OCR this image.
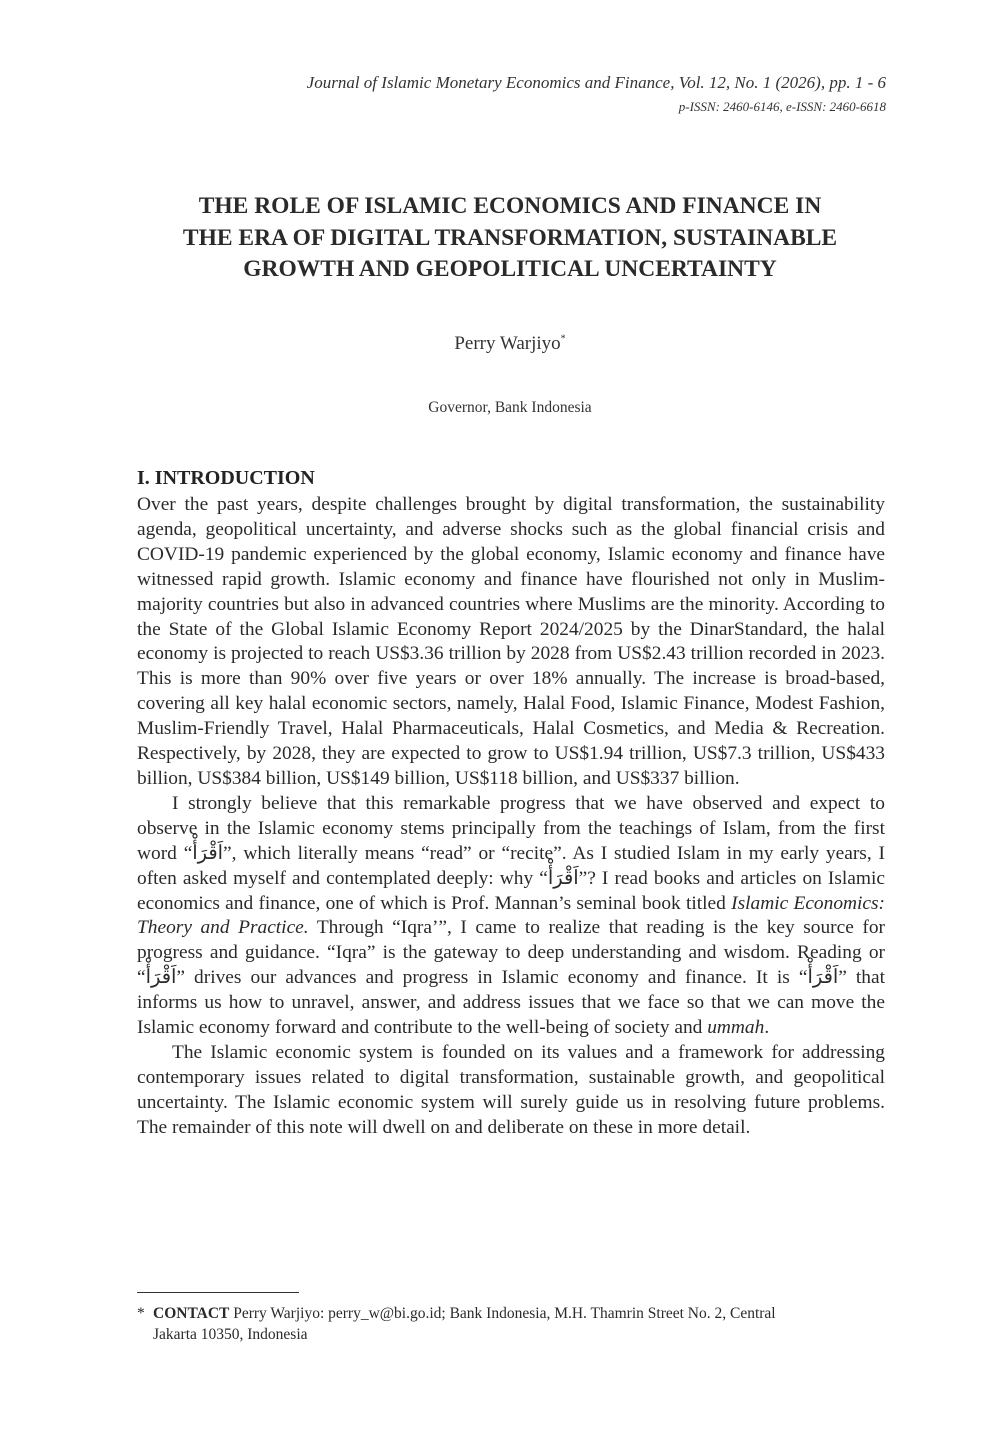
Journal of Islamic Monetary Economics and Finance, Vol. 12, No. 1 (2026), pp. 1 - 6
p-ISSN: 2460-6146, e-ISSN: 2460-6618
THE ROLE OF ISLAMIC ECONOMICS AND FINANCE IN
THE ERA OF DIGITAL TRANSFORMATION, SUSTAINABLE
GROWTH AND GEOPOLITICAL UNCERTAINTY
Perry Warjiyo*
Governor, Bank Indonesia
I. INTRODUCTION

Over the past years, despite challenges brought by digital transformation, the sustainability agenda, geopolitical uncertainty, and adverse shocks such as the global financial crisis and COVID-19 pandemic experienced by the global economy, Islamic economy and finance have witnessed rapid growth. Islamic economy and finance have flourished not only in Muslim-majority countries but also in advanced countries where Muslims are the minority. According to the State of the Global Islamic Economy Report 2024/2025 by the DinarStandard, the halal economy is projected to reach US$3.36 trillion by 2028 from US$2.43 trillion recorded in 2023. This is more than 90% over five years or over 18% annually. The increase is broad-based, covering all key halal economic sectors, namely, Halal Food, Islamic Finance, Modest Fashion, Muslim-Friendly Travel, Halal Pharmaceuticals, Halal Cosmetics, and Media & Recreation. Respectively, by 2028, they are expected to grow to US$1.94 trillion, US$7.3 trillion, US$433 billion, US$384 billion, US$149 billion, US$118 billion, and US$337 billion.

I strongly believe that this remarkable progress that we have observed and expect to observe in the Islamic economy stems principally from the teachings of Islam, from the first word “اَقْرَأْ”, which literally means “read” or “recite”. As I studied Islam in my early years, I often asked myself and contemplated deeply: why “اَقْرَأْ”? I read books and articles on Islamic economics and finance, one of which is Prof. Mannan’s seminal book titled Islamic Economics: Theory and Practice. Through “Iqra’”, I came to realize that reading is the key source for progress and guidance. “Iqra” is the gateway to deep understanding and wisdom. Reading or “اَقْرَأْ” drives our advances and progress in Islamic economy and finance. It is “اَقْرَأْ” that informs us how to unravel, answer, and address issues that we face so that we can move the Islamic economy forward and contribute to the well-being of society and ummah.

The Islamic economic system is founded on its values and a framework for addressing contemporary issues related to digital transformation, sustainable growth, and geopolitical uncertainty. The Islamic economic system will surely guide us in resolving future problems. The remainder of this note will dwell on and deliberate on these in more detail.

* CONTACT Perry Warjiyo: perry_w@bi.go.id; Bank Indonesia, M.H. Thamrin Street No. 2, Central
Jakarta 10350, Indonesia
